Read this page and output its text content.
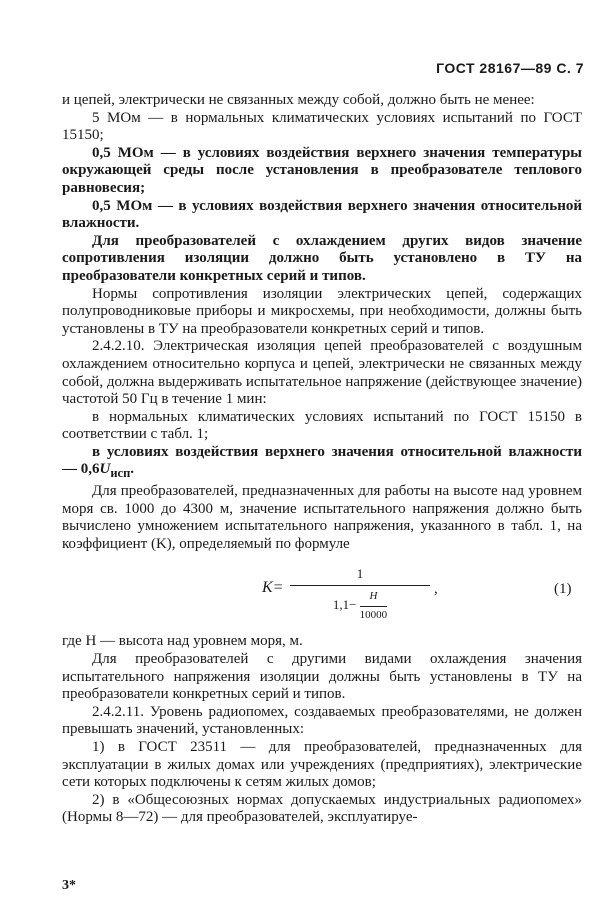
ГОСТ 28167—89 С. 7

и цепей, электрически не связанных между собой, должно быть не менее:

5 МОм — в нормальных климатических условиях испытаний по ГОСТ 15150;

0,5 МОм — в условиях воздействия верхнего значения температуры окружающей среды после установления в преобразователе теплового равновесия;

0,5 МОм — в условиях воздействия верхнего значения относительной влажности.

Для преобразователей с охлаждением других видов значение сопротивления изоляции должно быть установлено в ТУ на преобразователи конкретных серий и типов.

Нормы сопротивления изоляции электрических цепей, содержащих полупроводниковые приборы и микросхемы, при необходимости, должны быть установлены в ТУ на преобразователи конкретных серий и типов.

2.4.2.10. Электрическая изоляция цепей преобразователей с воздушным охлаждением относительно корпуса и цепей, электрически не связанных между собой, должна выдерживать испытательное напряжение (действующее значение) частотой 50 Гц в течение 1 мин:

в нормальных климатических условиях испытаний по ГОСТ 15150 в соответствии с табл. 1;

в условиях воздействия верхнего значения относительной влажности — $0,6U_{исп}$.

Для преобразователей, предназначенных для работы на высоте над уровнем моря св. 1000 до 4300 м, значение испытательного напряжения должно быть вычислено умножением испытательного напряжения, указанного в табл. 1, на коэффициент (K), определяемый по формуле

K=
1
$1,1- \frac{H}{10000}$	,	(1)

где H — высота над уровнем моря, м.

Для преобразователей с другими видами охлаждения значения испытательного напряжения изоляции должны быть установлены в ТУ на преобразователи конкретных серий и типов.

2.4.2.11. Уровень радиопомех, создаваемых преобразователями, не должен превышать значений, установленных:

1) в ГОСТ 23511 — для преобразователей, предназначенных для эксплуатации в жилых домах или учреждениях (предприятиях), электрические сети которых подключены к сетям жилых домов;

2) в «Общесоюзных нормах допускаемых индустриальных радиопомех» (Нормы 8—72) — для преобразователей, эксплуатируе-

3*
